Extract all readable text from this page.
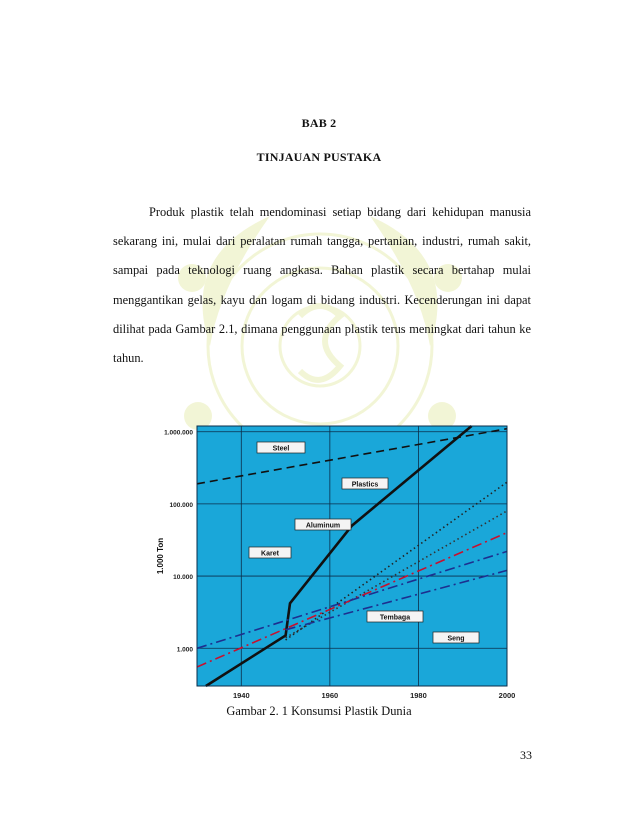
BAB 2
TINJAUAN PUSTAKA

Produk plastik telah mendominasi setiap bidang dari kehidupan manusia sekarang ini, mulai dari peralatan rumah tangga, pertanian, industri, rumah sakit, sampai pada teknologi ruang angkasa. Bahan plastik secara bertahap mulai menggantikan gelas, kayu dan logam di bidang industri. Kecenderungan ini dapat dilihat pada Gambar 2.1, dimana penggunaan plastik terus meningkat dari tahun ke tahun.

1940	1960	1980	2000
1.000
10.000
100.000
1.000.000
Steel
Plastics
Aluminum
Karet
Tembaga
Seng
1.000 Ton
Gambar 2. 1 Konsumsi Plastik Dunia
33
